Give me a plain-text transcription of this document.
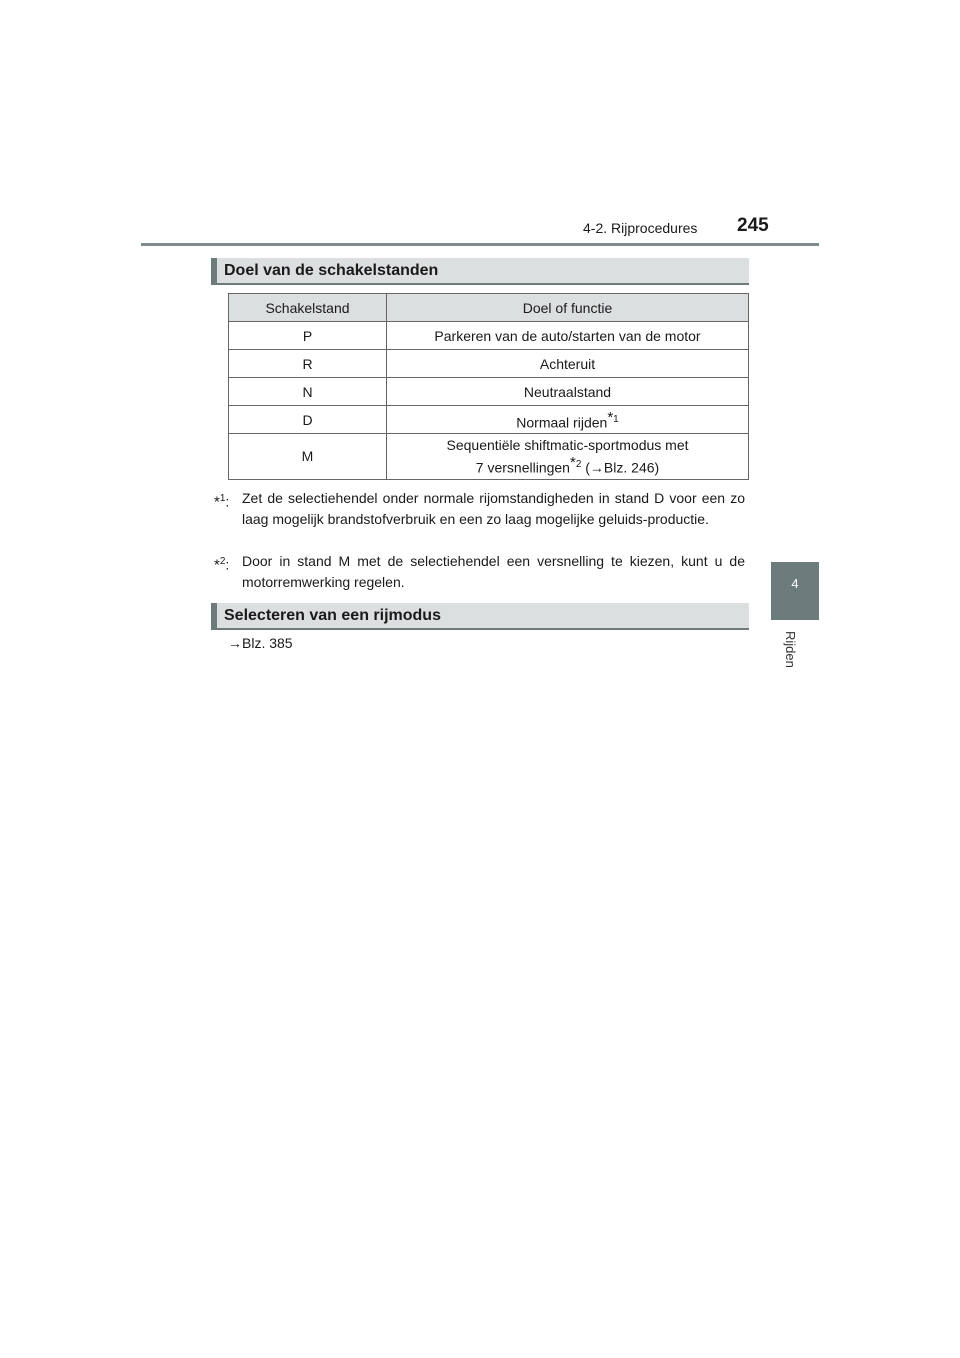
4-2. Rijprocedures 245
4
Rijden
Doel van de schakelstanden
Schakelstand	Doel of functie
P	Parkeren van de auto/starten van de motor
R	Achteruit
N	Neutraalstand
D	Normaal rijden$^{*1}$
M	Sequentiële shiftmatic-sportmodus met
7 versnellingen$^{*2}$ (→Blz. 246)
*$^1$: Zet de selectiehendel onder normale rijomstandigheden in stand D voor een zo laag mogelijk brandstofverbruik en een zo laag mogelijke geluids-productie.
*$^2$: Door in stand M met de selectiehendel een versnelling te kiezen, kunt u de motorremwerking regelen.
Selecteren van een rijmodus
→Blz. 385
